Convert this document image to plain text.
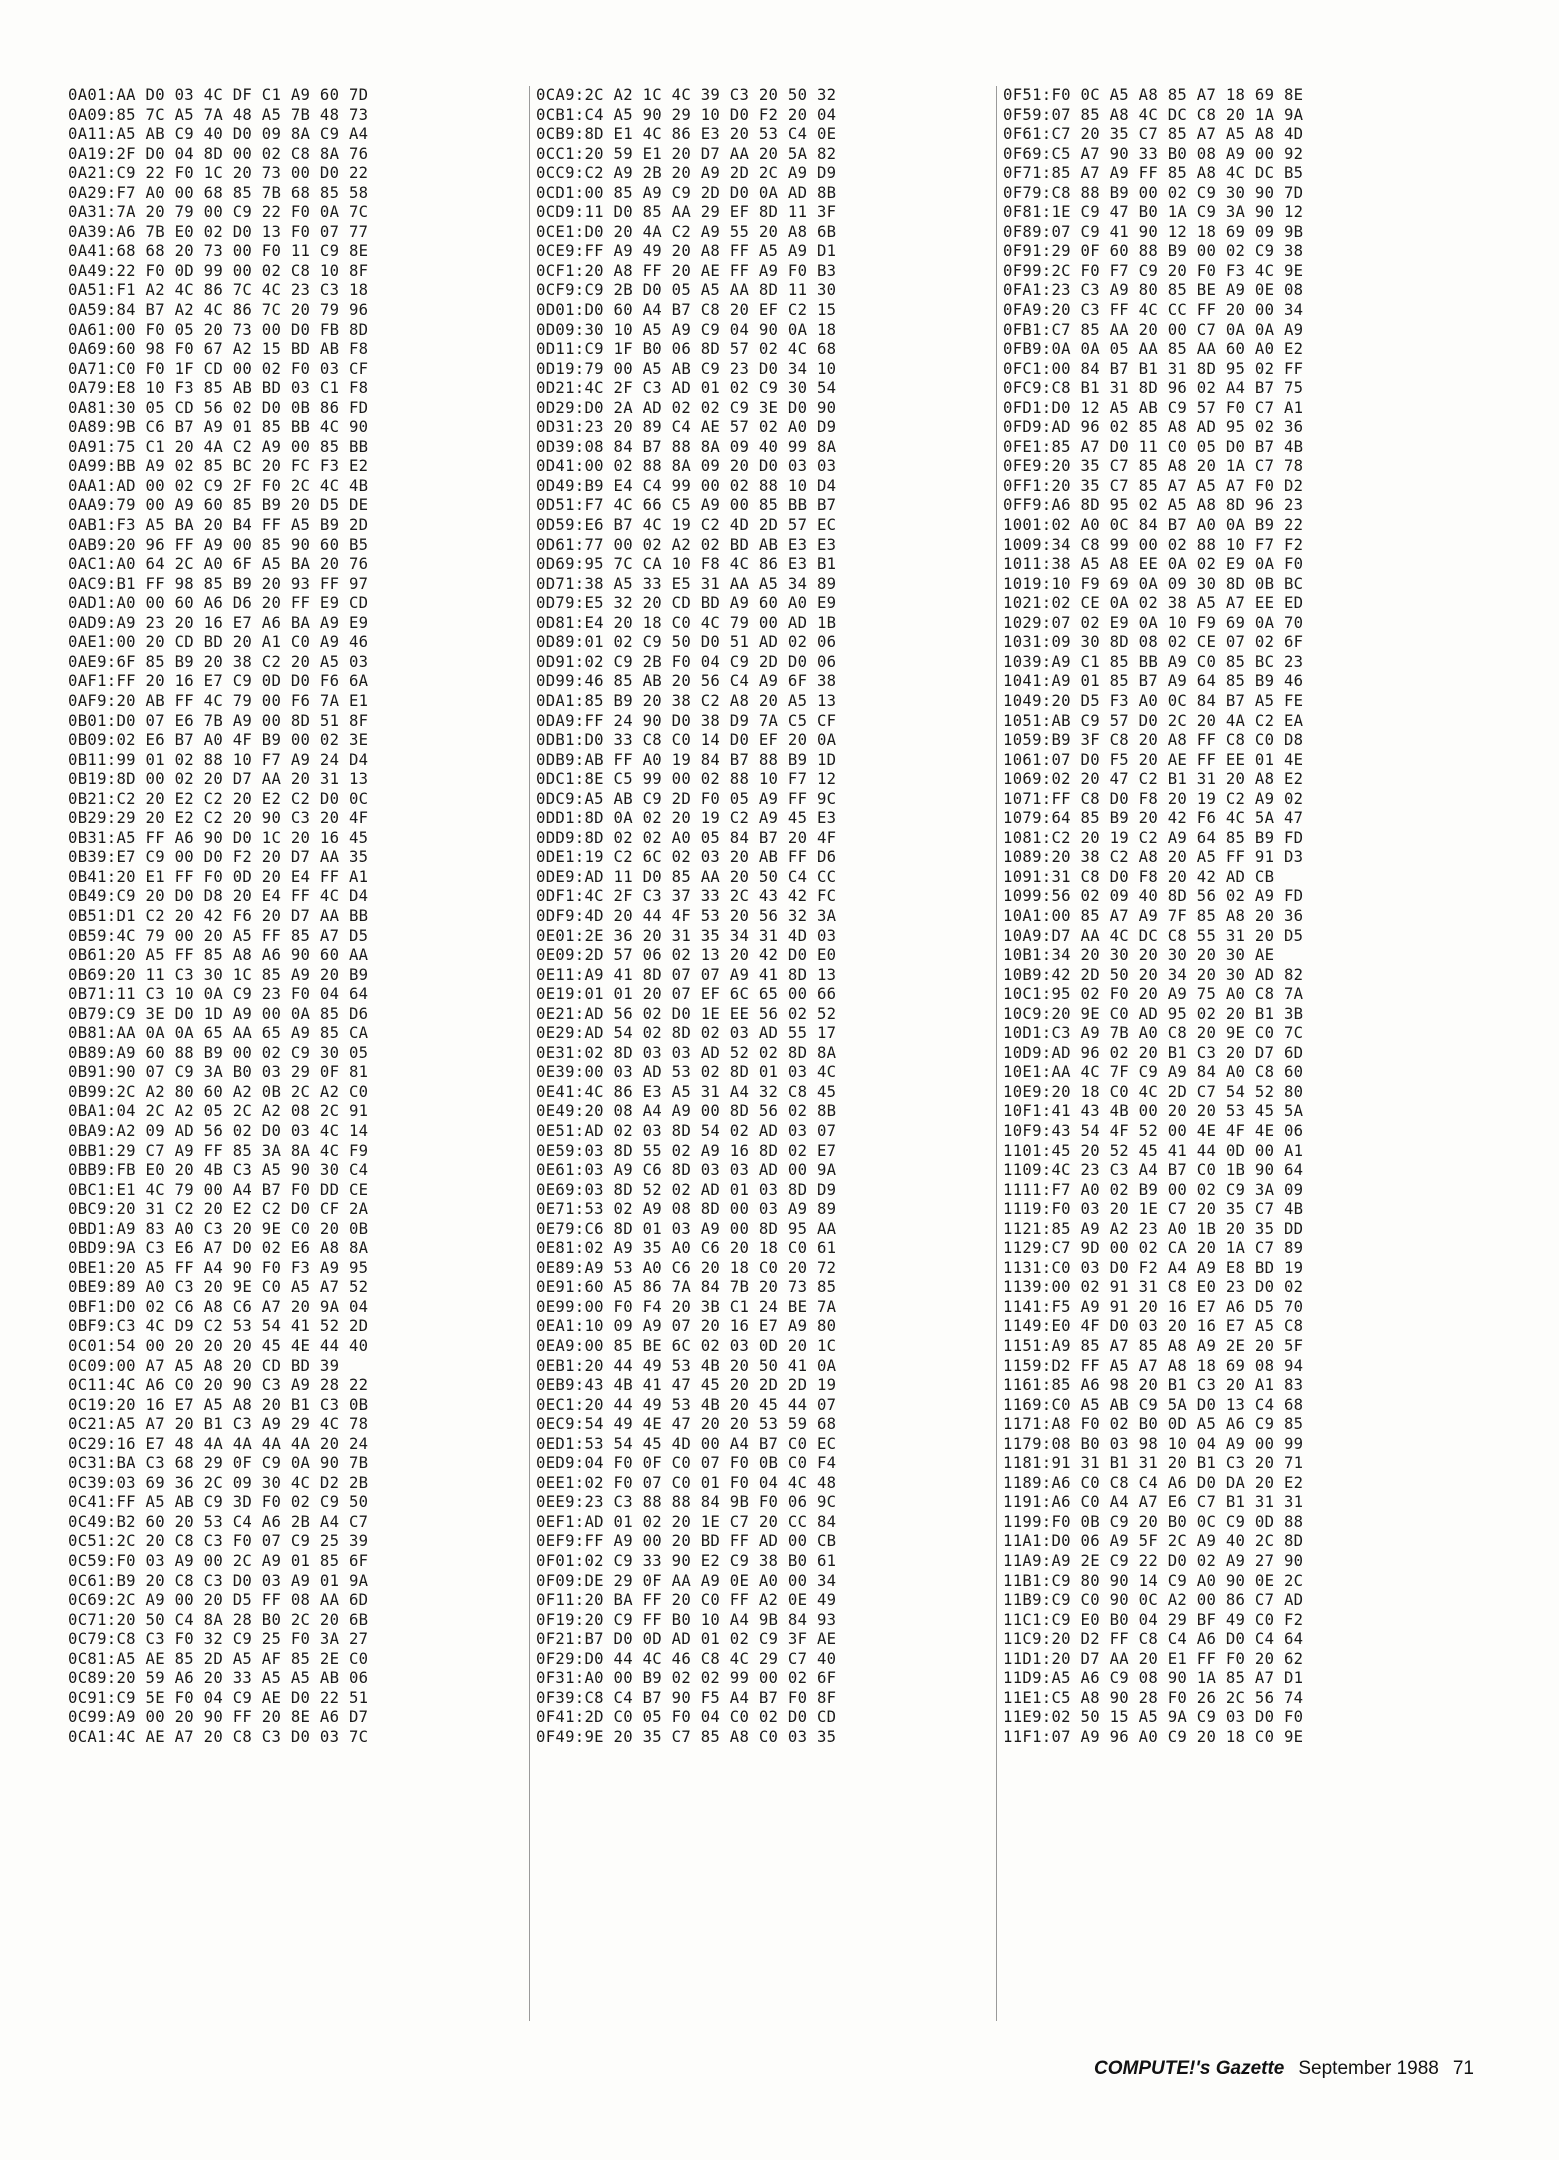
0A01:AA D0 03 4C DF C1 A9 60 7D
0A09:85 7C A5 7A 48 A5 7B 48 73
0A11:A5 AB C9 40 D0 09 8A C9 A4
0A19:2F D0 04 8D 00 02 C8 8A 76
0A21:C9 22 F0 1C 20 73 00 D0 22
0A29:F7 A0 00 68 85 7B 68 85 58
0A31:7A 20 79 00 C9 22 F0 0A 7C
0A39:A6 7B E0 02 D0 13 F0 07 77
0A41:68 68 20 73 00 F0 11 C9 8E
0A49:22 F0 0D 99 00 02 C8 10 8F
0A51:F1 A2 4C 86 7C 4C 23 C3 18
0A59:84 B7 A2 4C 86 7C 20 79 96
0A61:00 F0 05 20 73 00 D0 FB 8D
0A69:60 98 F0 67 A2 15 BD AB F8
0A71:C0 F0 1F CD 00 02 F0 03 CF
0A79:E8 10 F3 85 AB BD 03 C1 F8
0A81:30 05 CD 56 02 D0 0B 86 FD
0A89:9B C6 B7 A9 01 85 BB 4C 90
0A91:75 C1 20 4A C2 A9 00 85 BB
0A99:BB A9 02 85 BC 20 FC F3 E2
0AA1:AD 00 02 C9 2F F0 2C 4C 4B
0AA9:79 00 A9 60 85 B9 20 D5 DE
0AB1:F3 A5 BA 20 B4 FF A5 B9 2D
0AB9:20 96 FF A9 00 85 90 60 B5
0AC1:A0 64 2C A0 6F A5 BA 20 76
0AC9:B1 FF 98 85 B9 20 93 FF 97
0AD1:A0 00 60 A6 D6 20 FF E9 CD
0AD9:A9 23 20 16 E7 A6 BA A9 E9
0AE1:00 20 CD BD 20 A1 C0 A9 46
0AE9:6F 85 B9 20 38 C2 20 A5 03
0AF1:FF 20 16 E7 C9 0D D0 F6 6A
0AF9:20 AB FF 4C 79 00 F6 7A E1
0B01:D0 07 E6 7B A9 00 8D 51 8F
0B09:02 E6 B7 A0 4F B9 00 02 3E
0B11:99 01 02 88 10 F7 A9 24 D4
0B19:8D 00 02 20 D7 AA 20 31 13
0B21:C2 20 E2 C2 20 E2 C2 D0 0C
0B29:29 20 E2 C2 20 90 C3 20 4F
0B31:A5 FF A6 90 D0 1C 20 16 45
0B39:E7 C9 00 D0 F2 20 D7 AA 35
0B41:20 E1 FF F0 0D 20 E4 FF A1
0B49:C9 20 D0 D8 20 E4 FF 4C D4
0B51:D1 C2 20 42 F6 20 D7 AA BB
0B59:4C 79 00 20 A5 FF 85 A7 D5
0B61:20 A5 FF 85 A8 A6 90 60 AA
0B69:20 11 C3 30 1C 85 A9 20 B9
0B71:11 C3 10 0A C9 23 F0 04 64
0B79:C9 3E D0 1D A9 00 0A 85 D6
0B81:AA 0A 0A 65 AA 65 A9 85 CA
0B89:A9 60 88 B9 00 02 C9 30 05
0B91:90 07 C9 3A B0 03 29 0F 81
0B99:2C A2 80 60 A2 0B 2C A2 C0
0BA1:04 2C A2 05 2C A2 08 2C 91
0BA9:A2 09 AD 56 02 D0 03 4C 14
0BB1:29 C7 A9 FF 85 3A 8A 4C F9
0BB9:FB E0 20 4B C3 A5 90 30 C4
0BC1:E1 4C 79 00 A4 B7 F0 DD CE
0BC9:20 31 C2 20 E2 C2 D0 CF 2A
0BD1:A9 83 A0 C3 20 9E C0 20 0B
0BD9:9A C3 E6 A7 D0 02 E6 A8 8A
0BE1:20 A5 FF A4 90 F0 F3 A9 95
0BE9:89 A0 C3 20 9E C0 A5 A7 52
0BF1:D0 02 C6 A8 C6 A7 20 9A 04
0BF9:C3 4C D9 C2 53 54 41 52 2D
0C01:54 00 20 20 20 45 4E 44 40
0C09:00 A7 A5 A8 20 CD BD 39
0C11:4C A6 C0 20 90 C3 A9 28 22
0C19:20 16 E7 A5 A8 20 B1 C3 0B
0C21:A5 A7 20 B1 C3 A9 29 4C 78
0C29:16 E7 48 4A 4A 4A 4A 20 24
0C31:BA C3 68 29 0F C9 0A 90 7B
0C39:03 69 36 2C 09 30 4C D2 2B
0C41:FF A5 AB C9 3D F0 02 C9 50
0C49:B2 60 20 53 C4 A6 2B A4 C7
0C51:2C 20 C8 C3 F0 07 C9 25 39
0C59:F0 03 A9 00 2C A9 01 85 6F
0C61:B9 20 C8 C3 D0 03 A9 01 9A
0C69:2C A9 00 20 D5 FF 08 AA 6D
0C71:20 50 C4 8A 28 B0 2C 20 6B
0C79:C8 C3 F0 32 C9 25 F0 3A 27
0C81:A5 AE 85 2D A5 AF 85 2E C0
0C89:20 59 A6 20 33 A5 A5 AB 06
0C91:C9 5E F0 04 C9 AE D0 22 51
0C99:A9 00 20 90 FF 20 8E A6 D7
0CA1:4C AE A7 20 C8 C3 D0 03 7C
0CA9:2C A2 1C 4C 39 C3 20 50 32
0CB1:C4 A5 90 29 10 D0 F2 20 04
0CB9:8D E1 4C 86 E3 20 53 C4 0E
0CC1:20 59 E1 20 D7 AA 20 5A 82
0CC9:C2 A9 2B 20 A9 2D 2C A9 D9
0CD1:00 85 A9 C9 2D D0 0A AD 8B
0CD9:11 D0 85 AA 29 EF 8D 11 3F
0CE1:D0 20 4A C2 A9 55 20 A8 6B
0CE9:FF A9 49 20 A8 FF A5 A9 D1
0CF1:20 A8 FF 20 AE FF A9 F0 B3
0CF9:C9 2B D0 05 A5 AA 8D 11 30
0D01:D0 60 A4 B7 C8 20 EF C2 15
0D09:30 10 A5 A9 C9 04 90 0A 18
0D11:C9 1F B0 06 8D 57 02 4C 68
0D19:79 00 A5 AB C9 23 D0 34 10
0D21:4C 2F C3 AD 01 02 C9 30 54
0D29:D0 2A AD 02 02 C9 3E D0 90
0D31:23 20 89 C4 AE 57 02 A0 D9
0D39:08 84 B7 88 8A 09 40 99 8A
0D41:00 02 88 8A 09 20 D0 03 03
0D49:B9 E4 C4 99 00 02 88 10 D4
0D51:F7 4C 66 C5 A9 00 85 BB B7
0D59:E6 B7 4C 19 C2 4D 2D 57 EC
0D61:77 00 02 A2 02 BD AB E3 E3
0D69:95 7C CA 10 F8 4C 86 E3 B1
0D71:38 A5 33 E5 31 AA A5 34 89
0D79:E5 32 20 CD BD A9 60 A0 E9
0D81:E4 20 18 C0 4C 79 00 AD 1B
0D89:01 02 C9 50 D0 51 AD 02 06
0D91:02 C9 2B F0 04 C9 2D D0 06
0D99:46 85 AB 20 56 C4 A9 6F 38
0DA1:85 B9 20 38 C2 A8 20 A5 13
0DA9:FF 24 90 D0 38 D9 7A C5 CF
0DB1:D0 33 C8 C0 14 D0 EF 20 0A
0DB9:AB FF A0 19 84 B7 88 B9 1D
0DC1:8E C5 99 00 02 88 10 F7 12
0DC9:A5 AB C9 2D F0 05 A9 FF 9C
0DD1:8D 0A 02 20 19 C2 A9 45 E3
0DD9:8D 02 02 A0 05 84 B7 20 4F
0DE1:19 C2 6C 02 03 20 AB FF D6
0DE9:AD 11 D0 85 AA 20 50 C4 CC
0DF1:4C 2F C3 37 33 2C 43 42 FC
0DF9:4D 20 44 4F 53 20 56 32 3A
0E01:2E 36 20 31 35 34 31 4D 03
0E09:2D 57 06 02 13 20 42 D0 E0
0E11:A9 41 8D 07 07 A9 41 8D 13
0E19:01 01 20 07 EF 6C 65 00 66
0E21:AD 56 02 D0 1E EE 56 02 52
0E29:AD 54 02 8D 02 03 AD 55 17
0E31:02 8D 03 03 AD 52 02 8D 8A
0E39:00 03 AD 53 02 8D 01 03 4C
0E41:4C 86 E3 A5 31 A4 32 C8 45
0E49:20 08 A4 A9 00 8D 56 02 8B
0E51:AD 02 03 8D 54 02 AD 03 07
0E59:03 8D 55 02 A9 16 8D 02 E7
0E61:03 A9 C6 8D 03 03 AD 00 9A
0E69:03 8D 52 02 AD 01 03 8D D9
0E71:53 02 A9 08 8D 00 03 A9 89
0E79:C6 8D 01 03 A9 00 8D 95 AA
0E81:02 A9 35 A0 C6 20 18 C0 61
0E89:A9 53 A0 C6 20 18 C0 20 72
0E91:60 A5 86 7A 84 7B 20 73 85
0E99:00 F0 F4 20 3B C1 24 BE 7A
0EA1:10 09 A9 07 20 16 E7 A9 80
0EA9:00 85 BE 6C 02 03 0D 20 1C
0EB1:20 44 49 53 4B 20 50 41 0A
0EB9:43 4B 41 47 45 20 2D 2D 19
0EC1:20 44 49 53 4B 20 45 44 07
0EC9:54 49 4E 47 20 20 53 59 68
0ED1:53 54 45 4D 00 A4 B7 C0 EC
0ED9:04 F0 0F C0 07 F0 0B C0 F4
0EE1:02 F0 07 C0 01 F0 04 4C 48
0EE9:23 C3 88 88 84 9B F0 06 9C
0EF1:AD 01 02 20 1E C7 20 CC 84
0EF9:FF A9 00 20 BD FF AD 00 CB
0F01:02 C9 33 90 E2 C9 38 B0 61
0F09:DE 29 0F AA A9 0E A0 00 34
0F11:20 BA FF 20 C0 FF A2 0E 49
0F19:20 C9 FF B0 10 A4 9B 84 93
0F21:B7 D0 0D AD 01 02 C9 3F AE
0F29:D0 44 4C 46 C8 4C 29 C7 40
0F31:A0 00 B9 02 02 99 00 02 6F
0F39:C8 C4 B7 90 F5 A4 B7 F0 8F
0F41:2D C0 05 F0 04 C0 02 D0 CD
0F49:9E 20 35 C7 85 A8 C0 03 35
0F51:F0 0C A5 A8 85 A7 18 69 8E
0F59:07 85 A8 4C DC C8 20 1A 9A
0F61:C7 20 35 C7 85 A7 A5 A8 4D
0F69:C5 A7 90 33 B0 08 A9 00 92
0F71:85 A7 A9 FF 85 A8 4C DC B5
0F79:C8 88 B9 00 02 C9 30 90 7D
0F81:1E C9 47 B0 1A C9 3A 90 12
0F89:07 C9 41 90 12 18 69 09 9B
0F91:29 0F 60 88 B9 00 02 C9 38
0F99:2C F0 F7 C9 20 F0 F3 4C 9E
0FA1:23 C3 A9 80 85 BE A9 0E 08
0FA9:20 C3 FF 4C CC FF 20 00 34
0FB1:C7 85 AA 20 00 C7 0A 0A A9
0FB9:0A 0A 05 AA 85 AA 60 A0 E2
0FC1:00 84 B7 B1 31 8D 95 02 FF
0FC9:C8 B1 31 8D 96 02 A4 B7 75
0FD1:D0 12 A5 AB C9 57 F0 C7 A1
0FD9:AD 96 02 85 A8 AD 95 02 36
0FE1:85 A7 D0 11 C0 05 D0 B7 4B
0FE9:20 35 C7 85 A8 20 1A C7 78
0FF1:20 35 C7 85 A7 A5 A7 F0 D2
0FF9:A6 8D 95 02 A5 A8 8D 96 23
1001:02 A0 0C 84 B7 A0 0A B9 22
1009:34 C8 99 00 02 88 10 F7 F2
1011:38 A5 A8 EE 0A 02 E9 0A F0
1019:10 F9 69 0A 09 30 8D 0B BC
1021:02 CE 0A 02 38 A5 A7 EE ED
1029:07 02 E9 0A 10 F9 69 0A 70
1031:09 30 8D 08 02 CE 07 02 6F
1039:A9 C1 85 BB A9 C0 85 BC 23
1041:A9 01 85 B7 A9 64 85 B9 46
1049:20 D5 F3 A0 0C 84 B7 A5 FE
1051:AB C9 57 D0 2C 20 4A C2 EA
1059:B9 3F C8 20 A8 FF C8 C0 D8
1061:07 D0 F5 20 AE FF EE 01 4E
1069:02 20 47 C2 B1 31 20 A8 E2
1071:FF C8 D0 F8 20 19 C2 A9 02
1079:64 85 B9 20 42 F6 4C 5A 47
1081:C2 20 19 C2 A9 64 85 B9 FD
1089:20 38 C2 A8 20 A5 FF 91 D3
1091:31 C8 D0 F8 20 42 AD CB
1099:56 02 09 40 8D 56 02 A9 FD
10A1:00 85 A7 A9 7F 85 A8 20 36
10A9:D7 AA 4C DC C8 55 31 20 D5
10B1:34 20 30 20 30 20 30 AE
10B9:42 2D 50 20 34 20 30 AD 82
10C1:95 02 F0 20 A9 75 A0 C8 7A
10C9:20 9E C0 AD 95 02 20 B1 3B
10D1:C3 A9 7B A0 C8 20 9E C0 7C
10D9:AD 96 02 20 B1 C3 20 D7 6D
10E1:AA 4C 7F C9 A9 84 A0 C8 60
10E9:20 18 C0 4C 2D C7 54 52 80
10F1:41 43 4B 00 20 20 53 45 5A
10F9:43 54 4F 52 00 4E 4F 4E 06
1101:45 20 52 45 41 44 0D 00 A1
1109:4C 23 C3 A4 B7 C0 1B 90 64
1111:F7 A0 02 B9 00 02 C9 3A 09
1119:F0 03 20 1E C7 20 35 C7 4B
1121:85 A9 A2 23 A0 1B 20 35 DD
1129:C7 9D 00 02 CA 20 1A C7 89
1131:C0 03 D0 F2 A4 A9 E8 BD 19
1139:00 02 91 31 C8 E0 23 D0 02
1141:F5 A9 91 20 16 E7 A6 D5 70
1149:E0 4F D0 03 20 16 E7 A5 C8
1151:A9 85 A7 85 A8 A9 2E 20 5F
1159:D2 FF A5 A7 A8 18 69 08 94
1161:85 A6 98 20 B1 C3 20 A1 83
1169:C0 A5 AB C9 5A D0 13 C4 68
1171:A8 F0 02 B0 0D A5 A6 C9 85
1179:08 B0 03 98 10 04 A9 00 99
1181:91 31 B1 31 20 B1 C3 20 71
1189:A6 C0 C8 C4 A6 D0 DA 20 E2
1191:A6 C0 A4 A7 E6 C7 B1 31 31
1199:F0 0B C9 20 B0 0C C9 0D 88
11A1:D0 06 A9 5F 2C A9 40 2C 8D
11A9:A9 2E C9 22 D0 02 A9 27 90
11B1:C9 80 90 14 C9 A0 90 0E 2C
11B9:C9 C0 90 0C A2 00 86 C7 AD
11C1:C9 E0 B0 04 29 BF 49 C0 F2
11C9:20 D2 FF C8 C4 A6 D0 C4 64
11D1:20 D7 AA 20 E1 FF F0 20 62
11D9:A5 A6 C9 08 90 1A 85 A7 D1
11E1:C5 A8 90 28 F0 26 2C 56 74
11E9:02 50 15 A5 9A C9 03 D0 F0
11F1:07 A9 96 A0 C9 20 18 C0 9E
COMPUTE!'s Gazette September 1988 71
